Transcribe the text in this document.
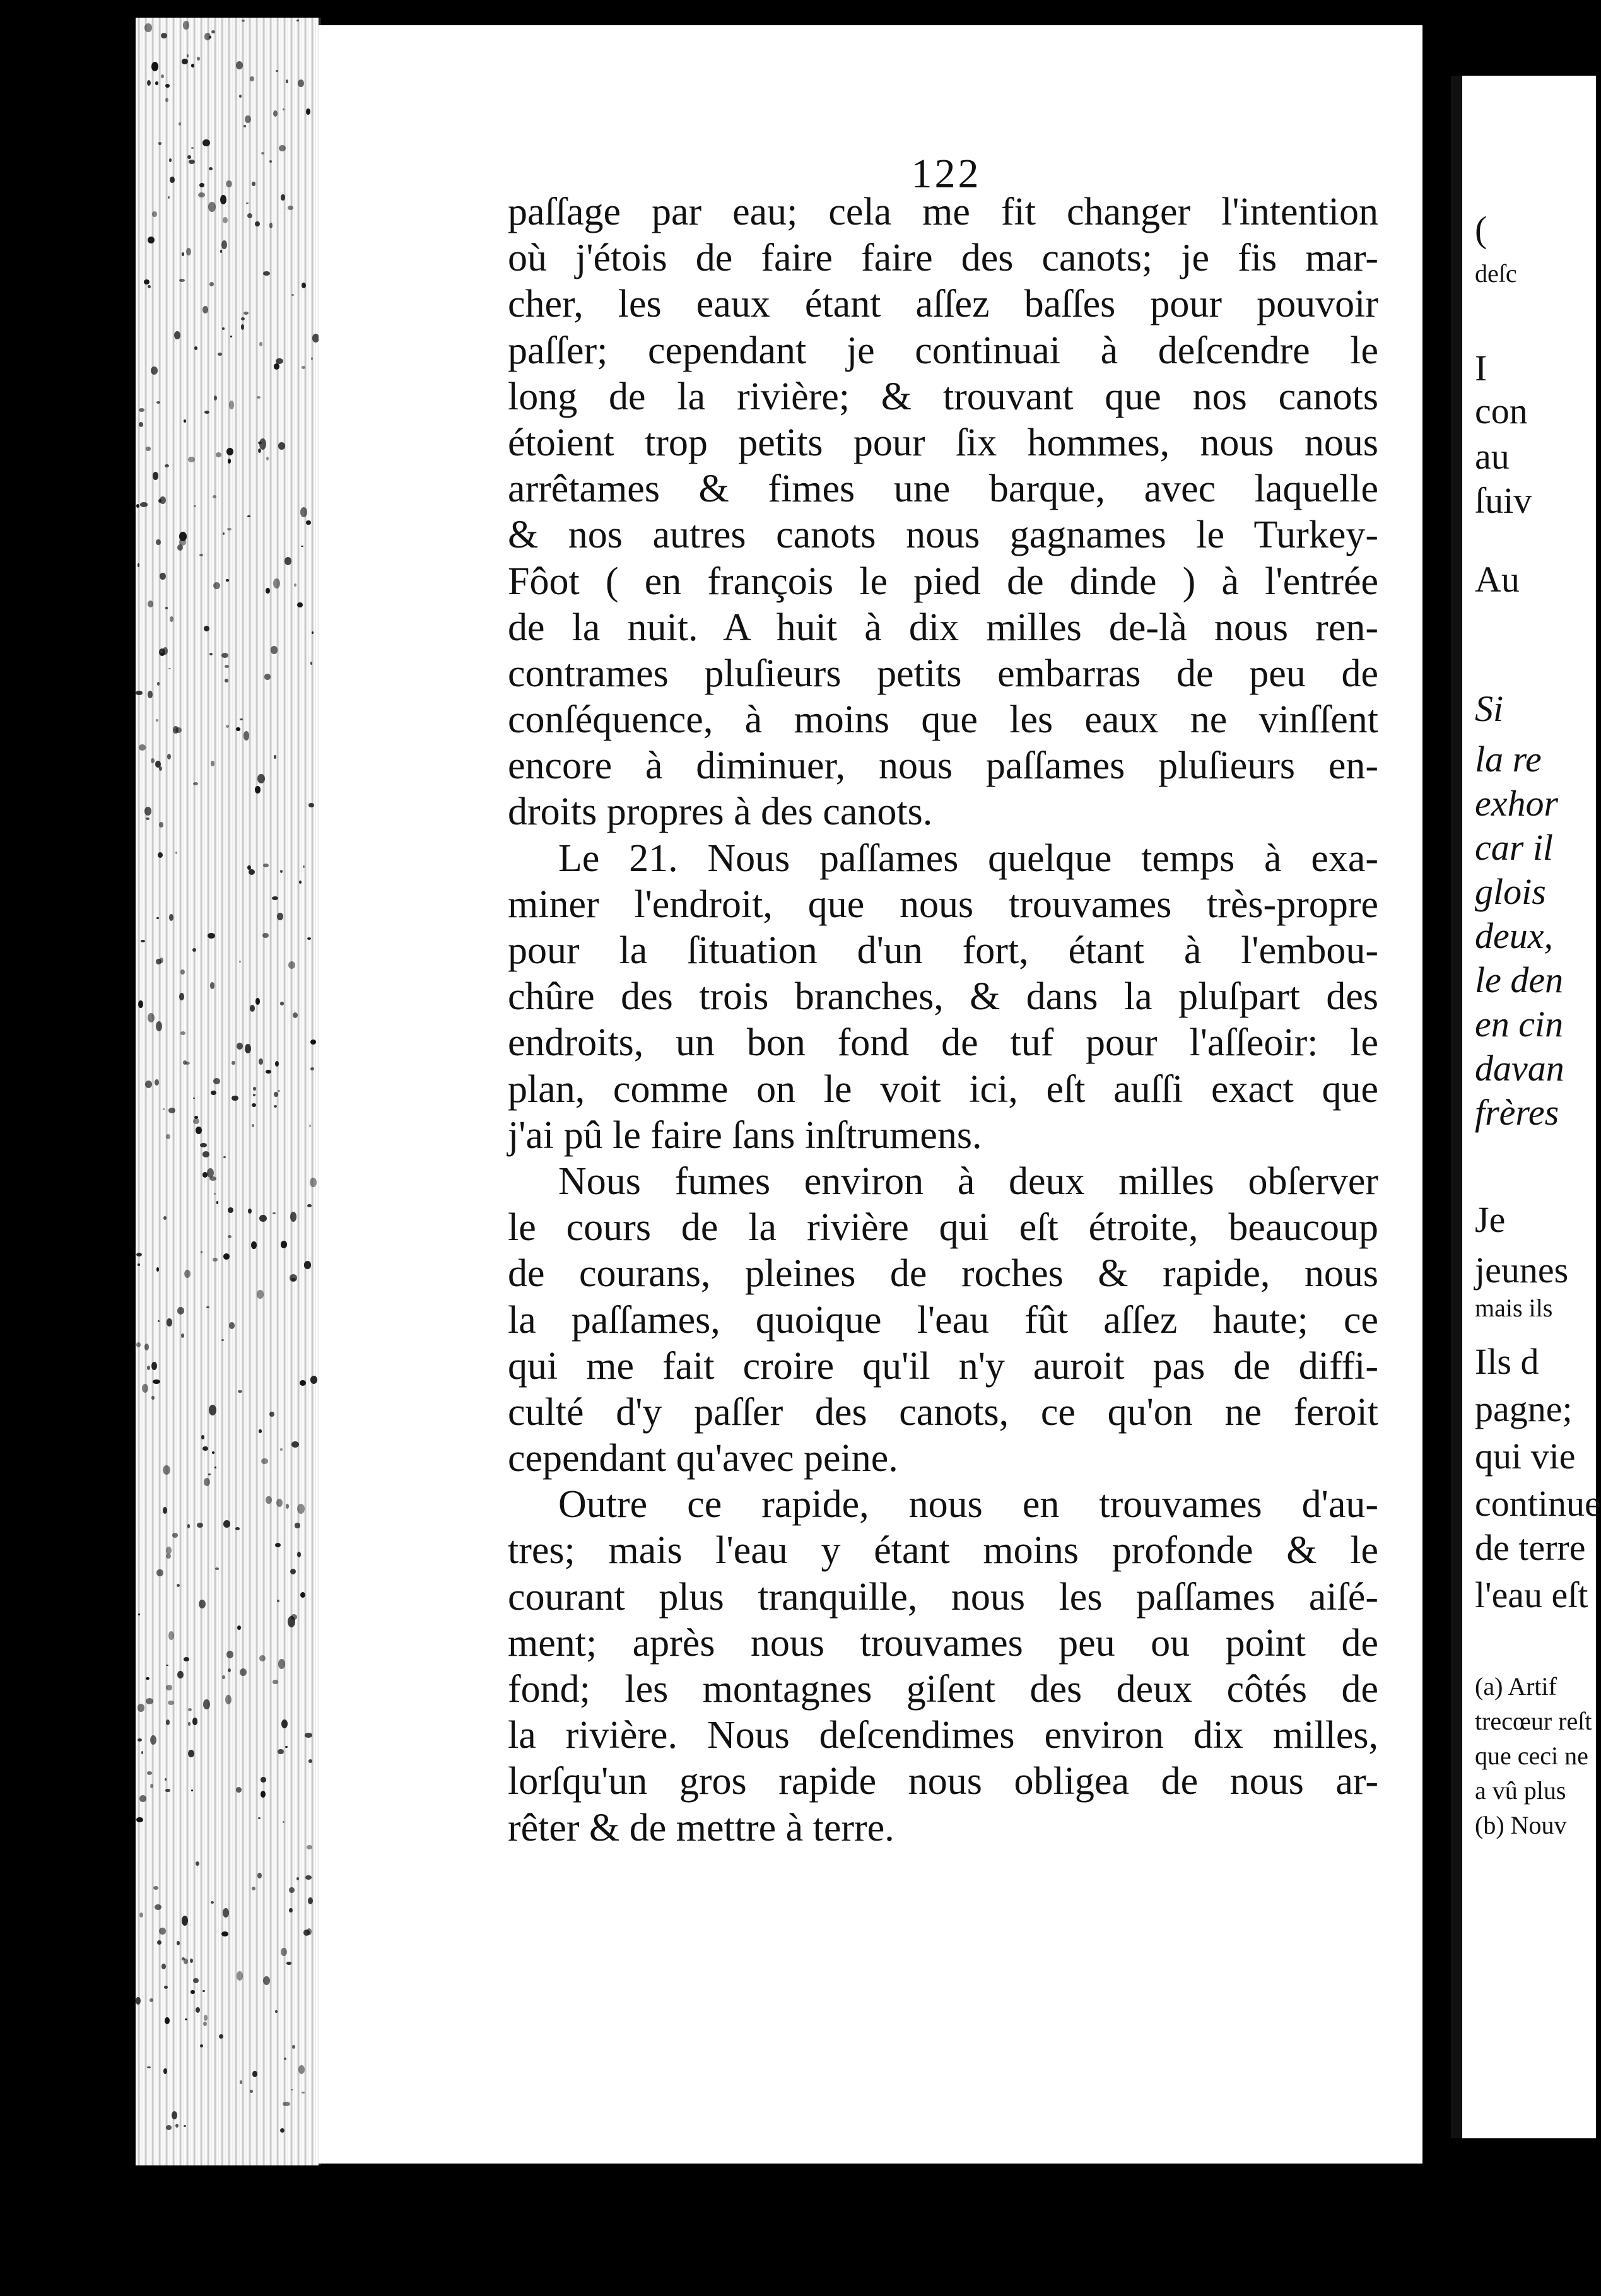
122
paſſage par eau; cela me fit changer l'intention
où j'étois de faire faire des canots; je fis mar-
cher, les eaux étant aſſez baſſes pour pouvoir
paſſer; cependant je continuai à deſcendre le
long de la rivière; & trouvant que nos canots
étoient trop petits pour ſix hommes, nous nous
arrêtames & fimes une barque, avec laquelle
& nos autres canots nous gagnames le Turkey-
Fôot ( en françois le pied de dinde ) à l'entrée
de la nuit. A huit à dix milles de-là nous ren-
contrames pluſieurs petits embarras de peu de
conſéquence, à moins que les eaux ne vinſſent
encore à diminuer, nous paſſames pluſieurs en-
droits propres à des canots.
Le 21. Nous paſſames quelque temps à exa-
miner l'endroit, que nous trouvames très-propre
pour la ſituation d'un fort, étant à l'embou-
chûre des trois branches, & dans la pluſpart des
endroits, un bon fond de tuf pour l'aſſeoir: le
plan, comme on le voit ici, eſt auſſi exact que
j'ai pû le faire ſans inſtrumens.
Nous fumes environ à deux milles obſerver
le cours de la rivière qui eſt étroite, beaucoup
de courans, pleines de roches & rapide, nous
la paſſames, quoique l'eau fût aſſez haute; ce
qui me fait croire qu'il n'y auroit pas de diffi-
culté d'y paſſer des canots, ce qu'on ne feroit
cependant qu'avec peine.
Outre ce rapide, nous en trouvames d'au-
tres; mais l'eau y étant moins profonde & le
courant plus tranquille, nous les paſſames aiſé-
ment; après nous trouvames peu ou point de
fond; les montagnes giſent des deux côtés de
la rivière. Nous deſcendimes environ dix milles,
lorſqu'un gros rapide nous obligea de nous ar-
rêter & de mettre à terre.
(
deſc
I
con
au
ſuiv
Au
Si
la re
exhor
car il
glois
deux,
le den
en cin
davan
frères
Je
jeunes
mais ils
Ils d
pagne;
qui vie
continue
de terre
l'eau eſt
(a) Artif
trecœur reſt
que ceci ne
a vû plus
(b) Nouv
